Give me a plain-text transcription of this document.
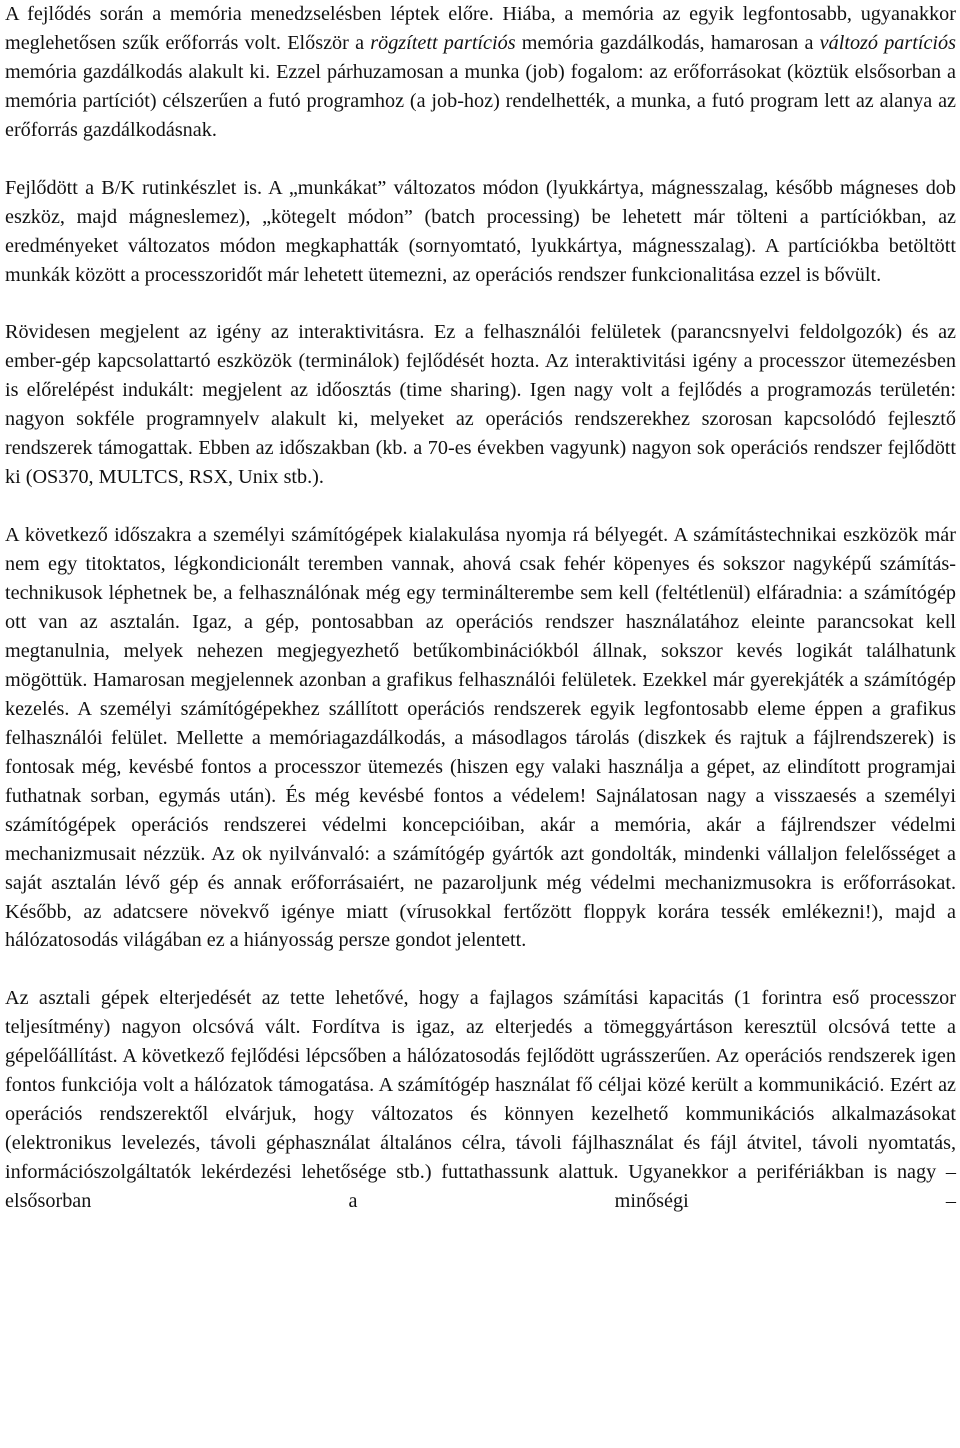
A fejlődés során a memória menedzselésben léptek előre. Hiába, a memória az egyik legfontosabb, ugyanakkor meglehetősen szűk erőforrás volt. Először a rögzített partíciós memória gazdálkodás, hamarosan a változó partíciós memória gazdálkodás alakult ki. Ezzel párhuzamosan a munka (job) fogalom: az erőforrásokat (köztük elsősorban a memória partíciót) célszerűen a futó programhoz (a job-hoz) rendelhették, a munka, a futó program lett az alanya az erőforrás gazdálkodásnak.

Fejlődött a B/K rutinkészlet is. A „munkákat” változatos módon (lyukkártya, mágnesszalag, később mágneses dob eszköz, majd mágneslemez), „kötegelt módon” (batch processing) be lehetett már tölteni a partíciókban, az eredményeket változatos módon megkaphatták (sornyomtató, lyukkártya, mágnesszalag). A partíciókba betöltött munkák között a processzoridőt már lehetett ütemezni, az operációs rendszer funkcionalitása ezzel is bővült.

Rövidesen megjelent az igény az interaktivitásra. Ez a felhasználói felületek (parancsnyelvi feldolgozók) és az ember-gép kapcsolattartó eszközök (terminálok) fejlődését hozta. Az interaktivitási igény a processzor ütemezésben is előrelépést indukált: megjelent az időosztás (time sharing). Igen nagy volt a fejlődés a programozás területén: nagyon sokféle programnyelv alakult ki, melyeket az operációs rendszerekhez szorosan kapcsolódó fejlesztő rendszerek támogattak. Ebben az időszakban (kb. a 70-es években vagyunk) nagyon sok operációs rendszer fejlődött ki (OS370, MULTCS, RSX, Unix stb.).

A következő időszakra a személyi számítógépek kialakulása nyomja rá bélyegét. A számítástechnikai eszközök már nem egy titoktatos, légkondicionált teremben vannak, ahová csak fehér köpenyes és sokszor nagyképű számítás-technikusok léphetnek be, a felhasználónak még egy terminálterembe sem kell (feltétlenül) elfáradnia: a számítógép ott van az asztalán. Igaz, a gép, pontosabban az operációs rendszer használatához eleinte parancsokat kell megtanulnia, melyek nehezen megjegyezhető betűkombinációkból állnak, sokszor kevés logikát találhatunk mögöttük. Hamarosan megjelennek azonban a grafikus felhasználói felületek. Ezekkel már gyerekjáték a számítógép kezelés. A személyi számítógépekhez szállított operációs rendszerek egyik legfontosabb eleme éppen a grafikus felhasználói felület. Mellette a memóriagazdálkodás, a másodlagos tárolás (diszkek és rajtuk a fájlrendszerek) is fontosak még, kevésbé fontos a processzor ütemezés (hiszen egy valaki használja a gépet, az elindított programjai futhatnak sorban, egymás után). És még kevésbé fontos a védelem! Sajnálatosan nagy a visszaesés a személyi számítógépek operációs rendszerei védelmi koncepcióiban, akár a memória, akár a fájlrendszer védelmi mechanizmusait nézzük. Az ok nyilvánvaló: a számítógép gyártók azt gondolták, mindenki vállaljon felelősséget a saját asztalán lévő gép és annak erőforrásaiért, ne pazaroljunk még védelmi mechanizmusokra is erőforrásokat. Később, az adatcsere növekvő igénye miatt (vírusokkal fertőzött floppyk korára tessék emlékezni!), majd a hálózatosodás világában ez a hiányosság persze gondot jelentett.

Az asztali gépek elterjedését az tette lehetővé, hogy a fajlagos számítási kapacitás (1 forintra eső processzor teljesítmény) nagyon olcsóvá vált. Fordítva is igaz, az elterjedés a tömeggyártáson keresztül olcsóvá tette a gépelőállítást. A következő fejlődési lépcsőben a hálózatosodás fejlődött ugrásszerűen. Az operációs rendszerek igen fontos funkciója volt a hálózatok támogatása. A számítógép használat fő céljai közé került a kommunikáció. Ezért az operációs rendszerektől elvárjuk, hogy változatos és könnyen kezelhető kommunikációs alkalmazásokat (elektronikus levelezés, távoli géphasználat általános célra, távoli fájlhasználat és fájl átvitel, távoli nyomtatás, információszolgáltatók lekérdezési lehetősége stb.) futtathassunk alattuk. Ugyanekkor a perifériákban is nagy – elsősorban a minőségi –
